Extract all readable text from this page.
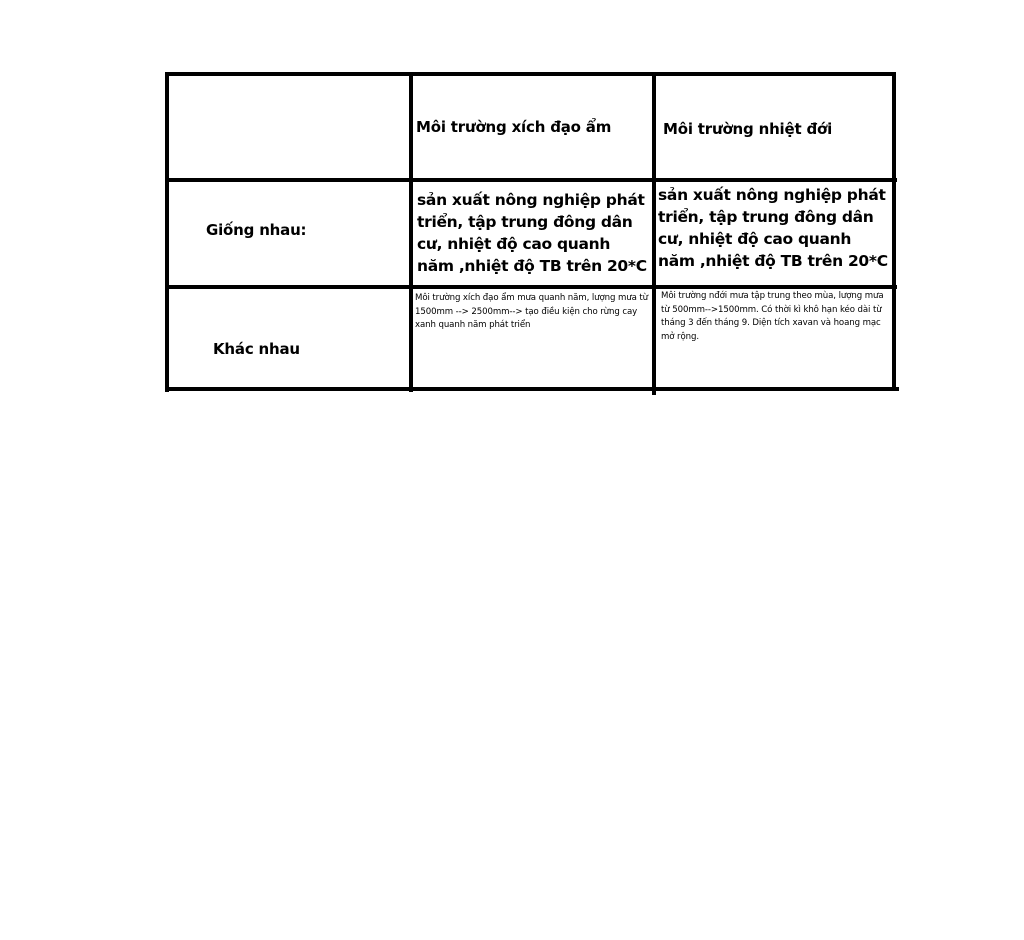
Môi trường xích đạo ẩm	Môi trường nhiệt đới

Giống nhau:

sản xuất nông nghiệp phát triển, tập trung đông dân cư, nhiệt độ cao quanh năm ,nhiệt độ TB trên 20*C

sản xuất nông nghiệp phát triển, tập trung đông dân cư, nhiệt độ cao quanh năm ,nhiệt độ TB trên 20*C

Khác nhau

Môi trường xích đạo ẩm mưa quanh năm, lượng mưa từ 1500mm --> 2500mm--> tạo điều kiện cho rừng cay xanh quanh năm phát triển

Môi trường nđới mưa tập trung theo mùa, lượng mưa từ 500mm-->1500mm. Có thời kì khô hạn kéo dài từ tháng 3 đến tháng 9. Diện tích xavan và hoang mạc mở rộng.
